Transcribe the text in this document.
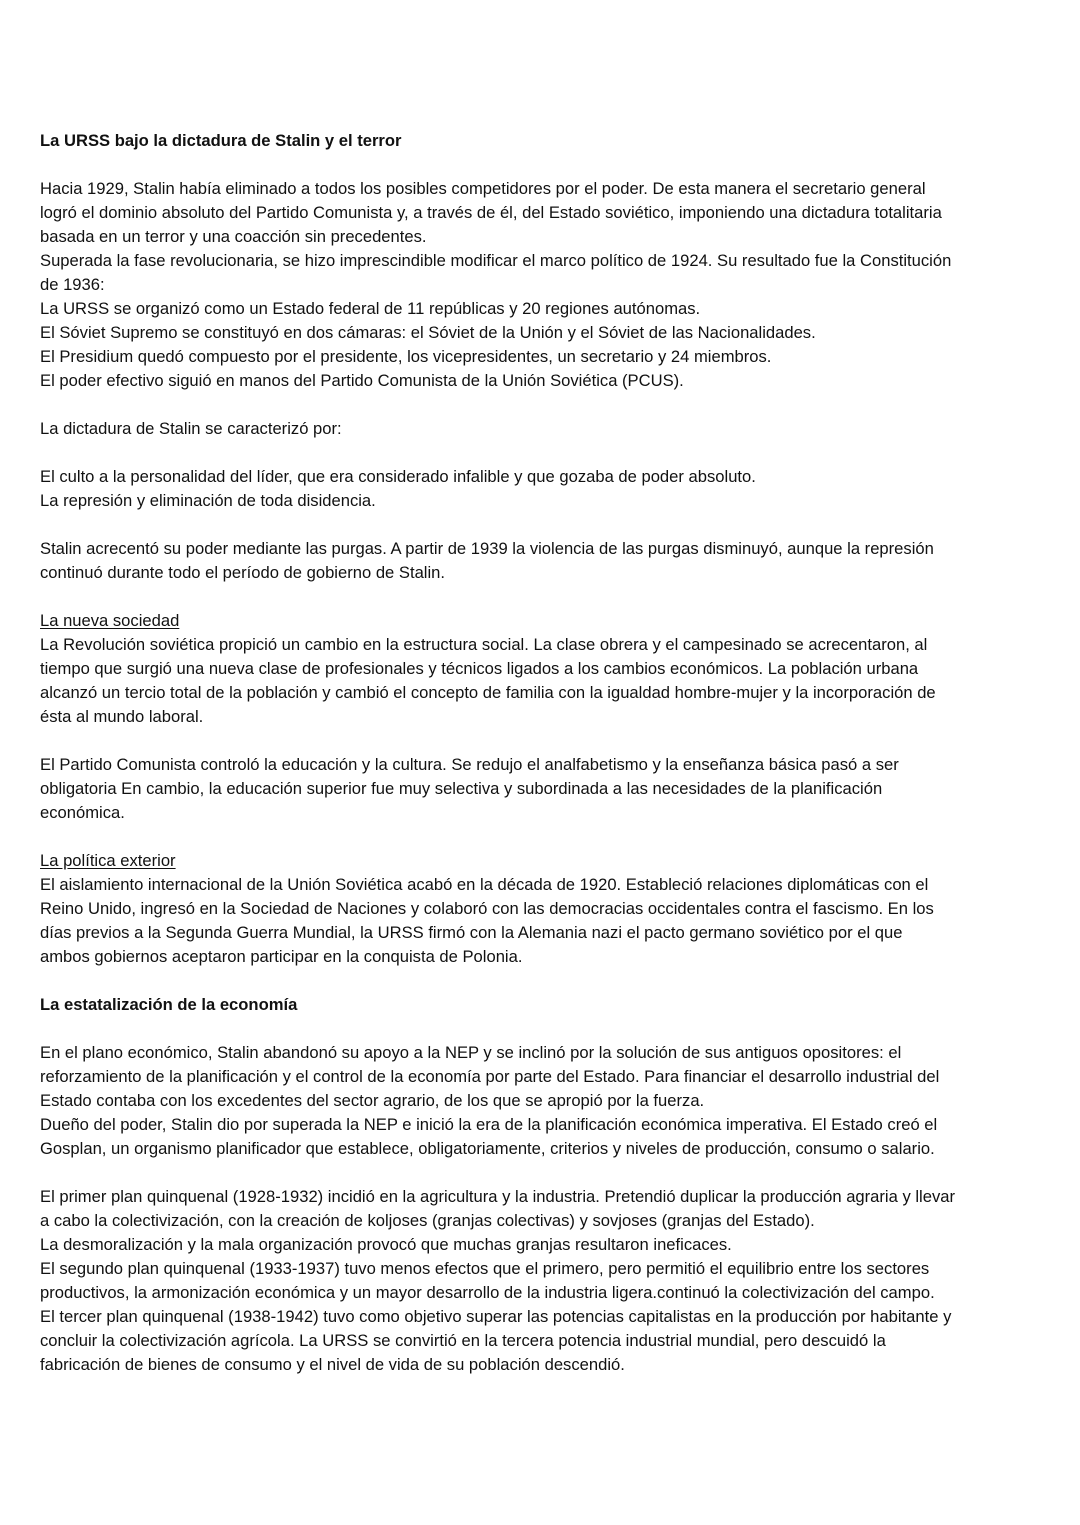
La URSS bajo la dictadura de Stalin y el terror
Hacia 1929, Stalin había eliminado a todos los posibles competidores por el poder. De esta manera el secretario general
logró el dominio absoluto del Partido Comunista y, a través de él, del Estado soviético, imponiendo una dictadura totalitaria
basada en un terror y una coacción sin precedentes.
Superada la fase revolucionaria, se hizo imprescindible modificar el marco político de 1924. Su resultado fue la Constitución
de 1936:
La URSS se organizó como un Estado federal de 11 repúblicas y 20 regiones autónomas.
El Sóviet Supremo se constituyó en dos cámaras: el Sóviet de la Unión y el Sóviet de las Nacionalidades.
El Presidium quedó compuesto por el presidente, los vicepresidentes, un secretario y 24 miembros.
El poder efectivo siguió en manos del Partido Comunista de la Unión Soviética (PCUS).
La dictadura de Stalin se caracterizó por:
El culto a la personalidad del líder, que era considerado infalible y que gozaba de poder absoluto.
La represión y eliminación de toda disidencia.
Stalin acrecentó su poder mediante las purgas. A partir de 1939 la violencia de las purgas disminuyó, aunque la represión
continuó durante todo el período de gobierno de Stalin.
La nueva sociedad
La Revolución soviética propició un cambio en la estructura social. La clase obrera y el campesinado se acrecentaron, al
tiempo que surgió una nueva clase de profesionales y técnicos ligados a los cambios económicos. La población urbana
alcanzó un tercio total de la población y cambió el concepto de familia con la igualdad hombre-mujer y la incorporación de
ésta al mundo laboral.
El Partido Comunista controló la educación y la cultura. Se redujo el analfabetismo y la enseñanza básica pasó a ser
obligatoria En cambio, la educación superior fue muy selectiva y subordinada a las necesidades de la planificación
económica.
La política exterior
El aislamiento internacional de la Unión Soviética acabó en la década de 1920. Estableció relaciones diplomáticas con el
Reino Unido, ingresó en la Sociedad de Naciones y colaboró con las democracias occidentales contra el fascismo. En los
días previos a la Segunda Guerra Mundial, la URSS firmó con la Alemania nazi el pacto germano soviético por el que
ambos gobiernos aceptaron participar en la conquista de Polonia.
La estatalización de la economía
En el plano económico, Stalin abandonó su apoyo a la NEP y se inclinó por la solución de sus antiguos opositores: el
reforzamiento de la planificación y el control de la economía por parte del Estado. Para financiar el desarrollo industrial del
Estado contaba con los excedentes del sector agrario, de los que se apropió por la fuerza.
Dueño del poder, Stalin dio por superada la NEP e inició la era de la planificación económica imperativa. El Estado creó el
Gosplan, un organismo planificador que establece, obligatoriamente, criterios y niveles de producción, consumo o salario.
El primer plan quinquenal (1928-1932) incidió en la agricultura y la industria. Pretendió duplicar la producción agraria y llevar
a cabo la colectivización, con la creación de koljoses (granjas colectivas) y sovjoses (granjas del Estado).
La desmoralización y la mala organización provocó que muchas granjas resultaron ineficaces.
El segundo plan quinquenal (1933-1937) tuvo menos efectos que el primero, pero permitió el equilibrio entre los sectores
productivos, la armonización económica y un mayor desarrollo de la industria ligera.continuó la colectivización del campo.
El tercer plan quinquenal (1938-1942) tuvo como objetivo superar las potencias capitalistas en la producción por habitante y
concluir la colectivización agrícola. La URSS se convirtió en la tercera potencia industrial mundial, pero descuidó la
fabricación de bienes de consumo y el nivel de vida de su población descendió.
